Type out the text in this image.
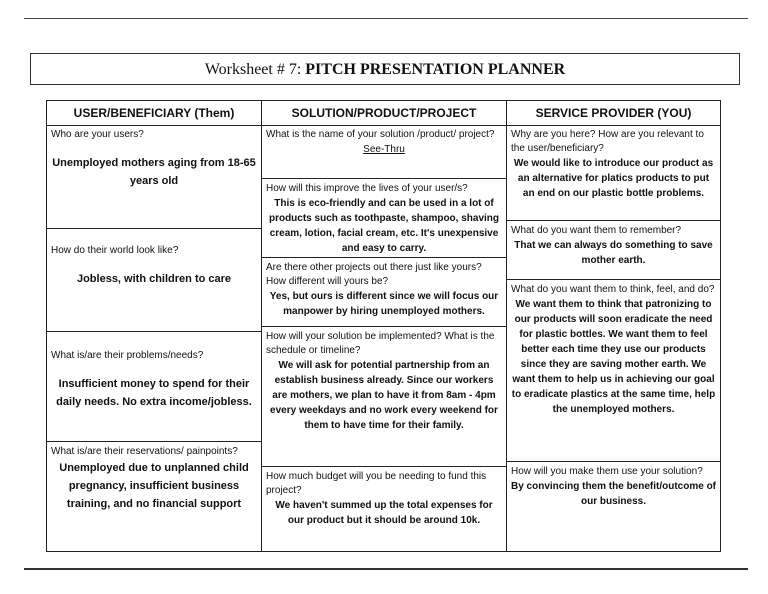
Worksheet # 7: PITCH PRESENTATION PLANNER
USER/BENEFICIARY (Them)
Who are your users?
Unemployed mothers aging from 18-65 years old
How do their world look like?
Jobless, with children to care
What is/are their problems/needs?
Insufficient money to spend for their daily needs. No extra income/jobless.
What is/are their reservations/ painpoints?
Unemployed due to unplanned child pregnancy, insufficient business training, and no financial support
SOLUTION/PRODUCT/PROJECT
What is the name of your solution /product/ project?
See-Thru
How will this improve the lives of your user/s?
This is eco-friendly and can be used in a lot of products such as toothpaste, shampoo, shaving cream, lotion, facial cream, etc. It's unexpensive and easy to carry.
Are there other projects out there just like yours? How different will yours be?
Yes, but ours is different since we will focus our manpower by hiring unemployed mothers.
How will your solution be implemented? What is the schedule or timeline?
We will ask for potential partnership from an establish business already. Since our workers are mothers, we plan to have it from 8am - 4pm every weekdays and no work every weekend for them to have time for their family.
How much budget will you be needing to fund this project?
We haven't summed up the total expenses for our product but it should be around 10k.
SERVICE PROVIDER (YOU)
Why are you here? How are you relevant to the user/beneficiary?
We would like to introduce our product as an alternative for platics products to put an end on our plastic bottle problems.
What do you want them to remember?
That we can always do something to save mother earth.
What do you want them to think, feel, and do?
We want them to think that patronizing to our products will soon eradicate the need for plastic bottles. We want them to feel better each time they use our products since they are saving mother earth. We want them to help us in achieving our goal to eradicate plastics at the same time, help the unemployed mothers.
How will you make them use your solution?
By convincing them the benefit/outcome of our business.
